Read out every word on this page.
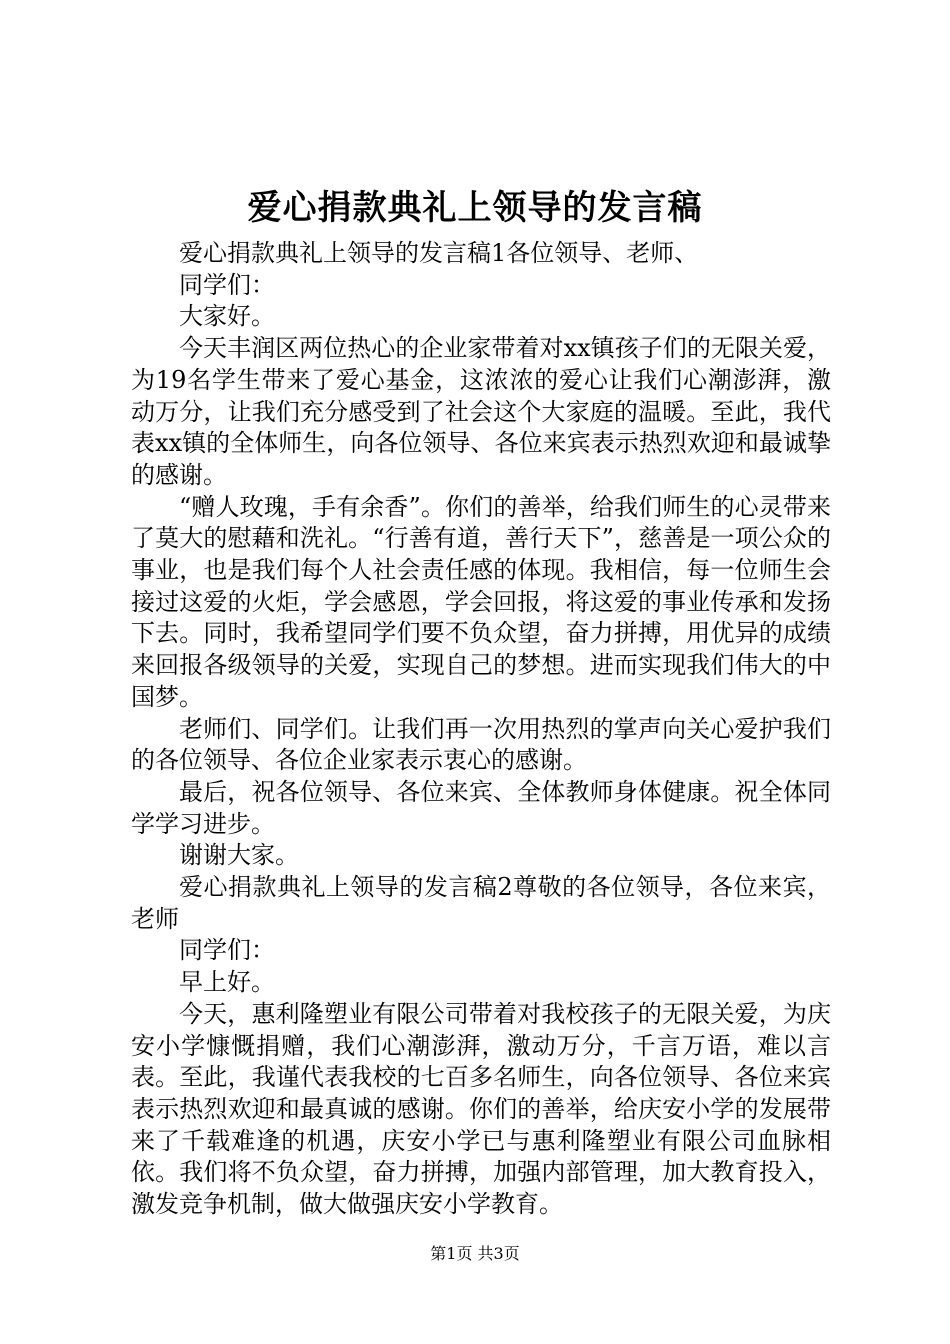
爱心捐款典礼上领导的发言稿

爱心捐款典礼上领导的发言稿1各位领导、老师、

同学们：

大家好。

今天丰润区两位热心的企业家带着对xx镇孩子们的无限关爱，为19名学生带来了爱心基金，这浓浓的爱心让我们心潮澎湃，激动万分，让我们充分感受到了社会这个大家庭的温暖。至此，我代表xx镇的全体师生，向各位领导、各位来宾表示热烈欢迎和最诚挚的感谢。

“赠人玫瑰，手有余香”。你们的善举，给我们师生的心灵带来了莫大的慰藉和洗礼。“行善有道，善行天下”，慈善是一项公众的事业，也是我们每个人社会责任感的体现。我相信，每一位师生会接过这爱的火炬，学会感恩，学会回报，将这爱的事业传承和发扬下去。同时，我希望同学们要不负众望，奋力拼搏，用优异的成绩来回报各级领导的关爱，实现自己的梦想。进而实现我们伟大的中国梦。

老师们、同学们。让我们再一次用热烈的掌声向关心爱护我们的各位领导、各位企业家表示衷心的感谢。

最后，祝各位领导、各位来宾、全体教师身体健康。祝全体同学学习进步。

谢谢大家。

爱心捐款典礼上领导的发言稿2尊敬的各位领导，各位来宾，老师

同学们：

早上好。

今天，惠利隆塑业有限公司带着对我校孩子的无限关爱，为庆安小学慷慨捐赠，我们心潮澎湃，激动万分，千言万语，难以言表。至此，我谨代表我校的七百多名师生，向各位领导、各位来宾表示热烈欢迎和最真诚的感谢。你们的善举，给庆安小学的发展带来了千载难逢的机遇，庆安小学已与惠利隆塑业有限公司血脉相依。我们将不负众望，奋力拼搏，加强内部管理，加大教育投入，激发竞争机制，做大做强庆安小学教育。

第1页 共3页
